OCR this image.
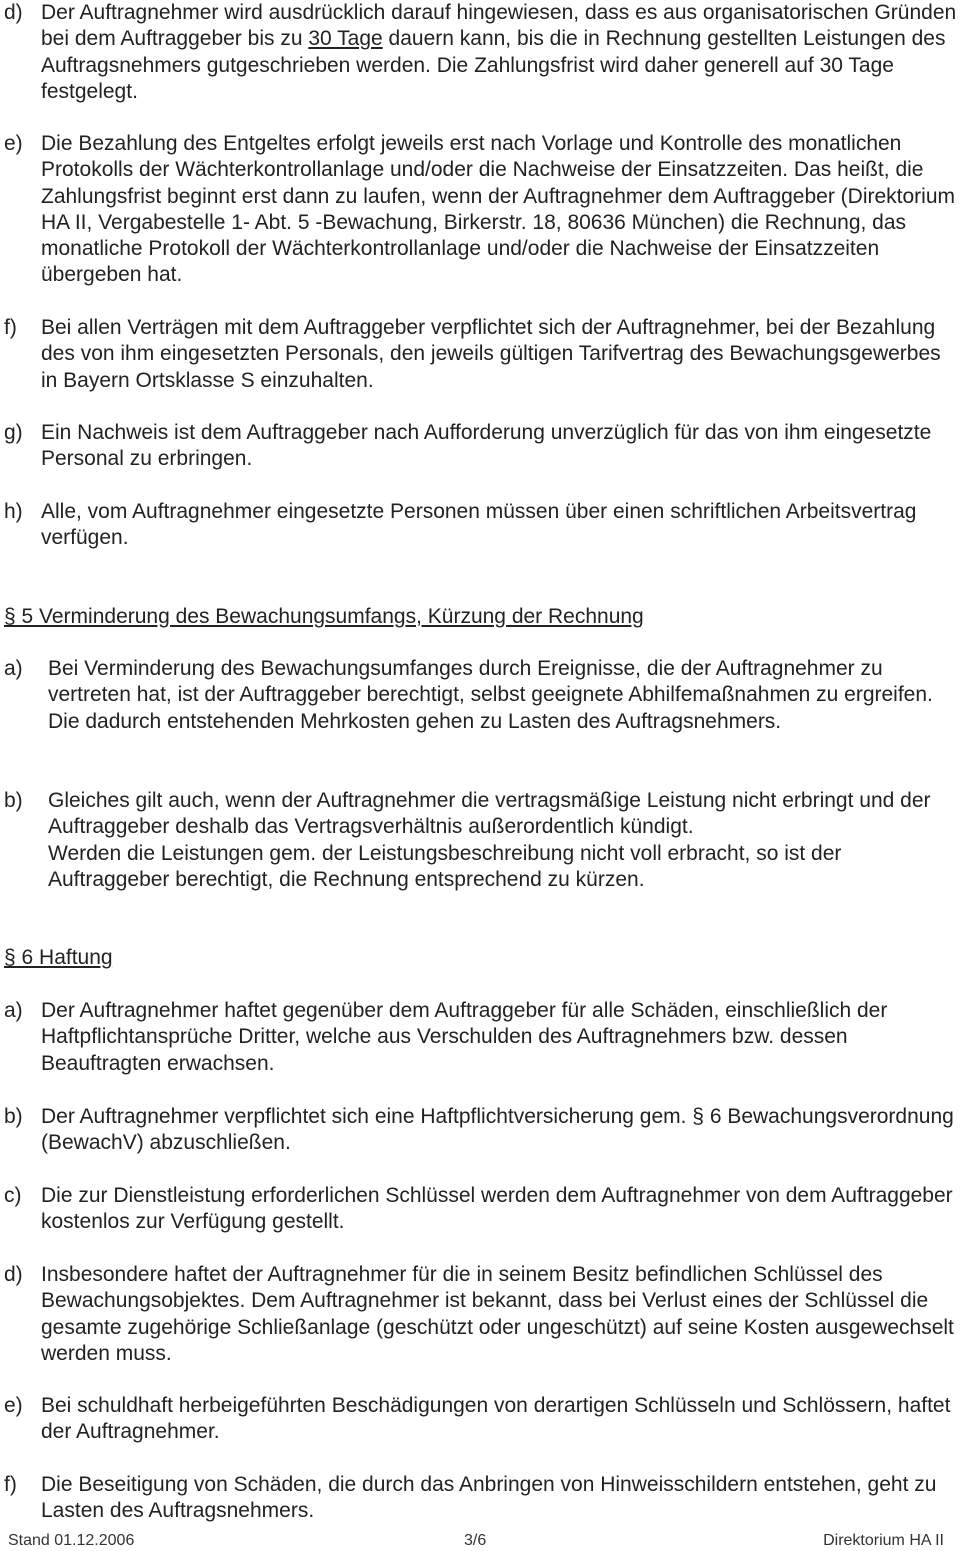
d) Der Auftragnehmer wird ausdrücklich darauf hingewiesen, dass es aus organisatorischen Gründen bei dem Auftraggeber bis zu 30 Tage dauern kann, bis die in Rechnung gestellten Leistungen des Auftragsnehmers gutgeschrieben werden. Die Zahlungsfrist wird daher generell auf 30 Tage festgelegt.
e) Die Bezahlung des Entgeltes erfolgt jeweils erst nach Vorlage und Kontrolle des monatlichen Protokolls der Wächterkontrollanlage und/oder die Nachweise der Einsatzzeiten. Das heißt, die Zahlungsfrist beginnt erst dann zu laufen, wenn der Auftragnehmer dem Auftraggeber (Direktorium HA II, Vergabestelle 1- Abt. 5 -Bewachung, Birkerstr. 18, 80636 München) die Rechnung, das monatliche Protokoll der Wächterkontrollanlage und/oder die Nachweise der Einsatzzeiten übergeben hat.
f) Bei allen Verträgen mit dem Auftraggeber verpflichtet sich der Auftragnehmer, bei der Bezahlung des von ihm eingesetzten Personals, den jeweils gültigen Tarifvertrag des Bewachungsgewerbes in Bayern Ortsklasse S einzuhalten.
g) Ein Nachweis ist dem Auftraggeber nach Aufforderung unverzüglich für das von ihm eingesetzte Personal zu erbringen.
h) Alle, vom Auftragnehmer eingesetzte Personen müssen über einen schriftlichen Arbeitsvertrag verfügen.
§ 5 Verminderung des Bewachungsumfangs, Kürzung der Rechnung
a) Bei Verminderung des Bewachungsumfanges durch Ereignisse, die der Auftragnehmer zu vertreten hat, ist der Auftraggeber berechtigt, selbst geeignete Abhilfemaßnahmen zu ergreifen.

Die dadurch entstehenden Mehrkosten gehen zu Lasten des Auftragsnehmers.

b) Gleiches gilt auch, wenn der Auftragnehmer die vertragsmäßige Leistung nicht erbringt und der Auftraggeber deshalb das Vertragsverhältnis außerordentlich kündigt.

Werden die Leistungen gem. der Leistungsbeschreibung nicht voll erbracht, so ist der Auftraggeber berechtigt, die Rechnung entsprechend zu kürzen.

§ 6 Haftung
a) Der Auftragnehmer haftet gegenüber dem Auftraggeber für alle Schäden, einschließlich der Haftpflichtansprüche Dritter, welche aus Verschulden des Auftragnehmers bzw. dessen Beauftragten erwachsen.
b) Der Auftragnehmer verpflichtet sich eine Haftpflichtversicherung gem. § 6 Bewachungsverordnung (BewachV) abzuschließen.
c) Die zur Dienstleistung erforderlichen Schlüssel werden dem Auftragnehmer von dem Auftraggeber kostenlos zur Verfügung gestellt.
d) Insbesondere haftet der Auftragnehmer für die in seinem Besitz befindlichen Schlüssel des Bewachungsobjektes. Dem Auftragnehmer ist bekannt, dass bei Verlust eines der Schlüssel die gesamte zugehörige Schließanlage (geschützt oder ungeschützt) auf seine Kosten ausgewechselt werden muss.
e) Bei schuldhaft herbeigeführten Beschädigungen von derartigen Schlüsseln und Schlössern, haftet der Auftragnehmer.
f) Die Beseitigung von Schäden, die durch das Anbringen von Hinweisschildern entstehen, geht zu Lasten des Auftragsnehmers.
Stand 01.12.2006	3/6	Direktorium HA II
